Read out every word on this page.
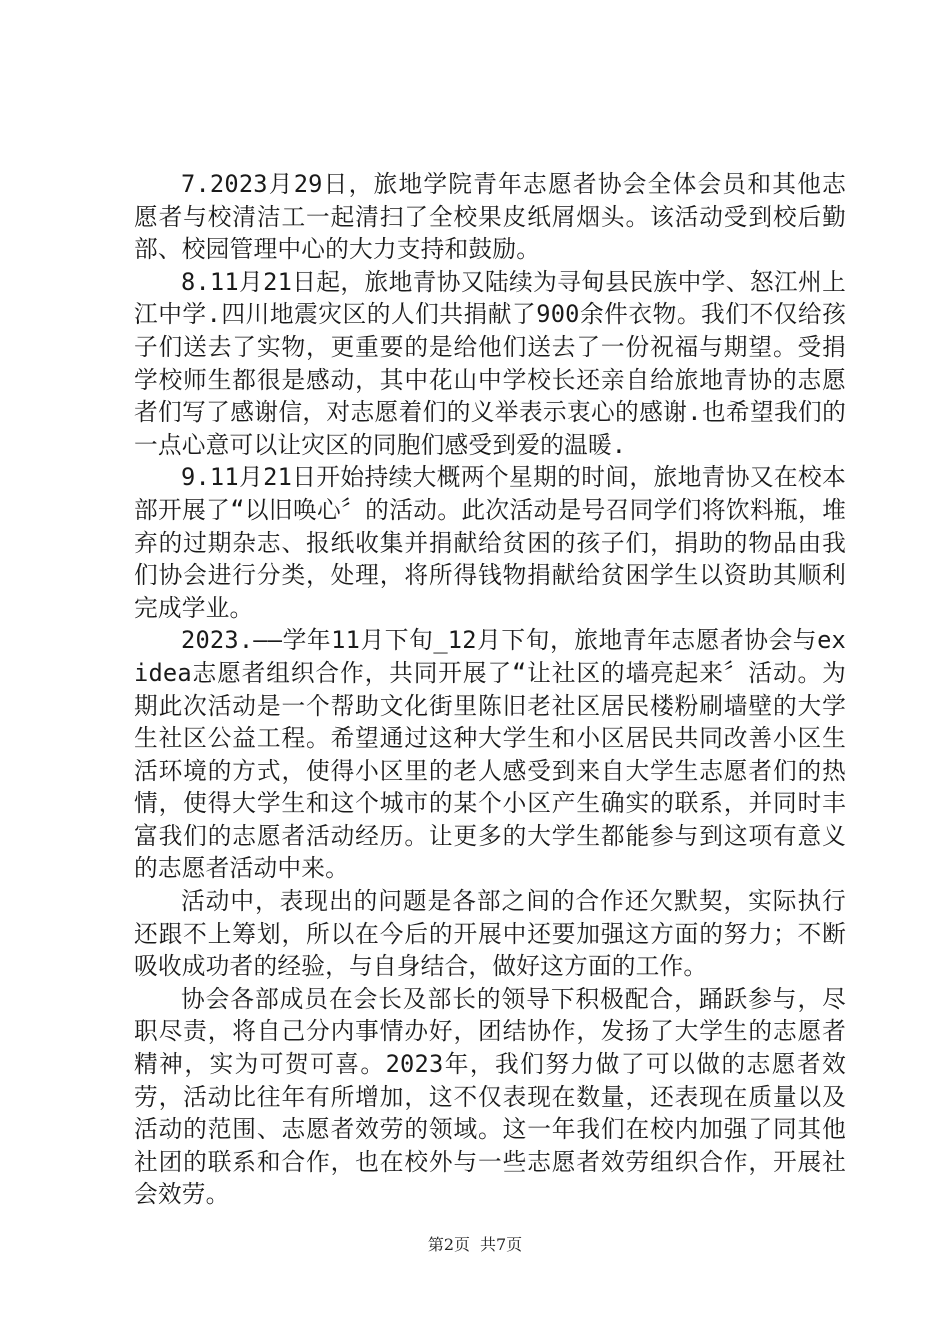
7.2023月29日，旅地学院青年志愿者协会全体会员和其他志愿者与校清洁工一起清扫了全校果皮纸屑烟头。该活动受到校后勤部、校园管理中心的大力支持和鼓励。

8.11月21日起，旅地青协又陆续为寻甸县民族中学、怒江州上江中学.四川地震灾区的人们共捐献了900余件衣物。我们不仅给孩子们送去了实物，更重要的是给他们送去了一份祝福与期望。受捐学校师生都很是感动，其中花山中学校长还亲自给旅地青协的志愿者们写了感谢信，对志愿着们的义举表示衷心的感谢.也希望我们的一点心意可以让灾区的同胞们感受到爱的温暖.

9.11月21日开始持续大概两个星期的时间，旅地青协又在校本部开展了“以旧唤心〞的活动。此次活动是号召同学们将饮料瓶，堆弃的过期杂志、报纸收集并捐献给贫困的孩子们，捐助的物品由我们协会进行分类，处理，将所得钱物捐献给贫困学生以资助其顺利完成学业。

2023.——学年11月下旬_12月下旬，旅地青年志愿者协会与exidea志愿者组织合作，共同开展了“让社区的墙亮起来〞活动。为期此次活动是一个帮助文化街里陈旧老社区居民楼粉刷墙壁的大学生社区公益工程。希望通过这种大学生和小区居民共同改善小区生活环境的方式，使得小区里的老人感受到来自大学生志愿者们的热情，使得大学生和这个城市的某个小区产生确实的联系，并同时丰富我们的志愿者活动经历。让更多的大学生都能参与到这项有意义的志愿者活动中来。

活动中，表现出的问题是各部之间的合作还欠默契，实际执行还跟不上筹划，所以在今后的开展中还要加强这方面的努力；不断吸收成功者的经验，与自身结合，做好这方面的工作。

协会各部成员在会长及部长的领导下积极配合，踊跃参与，尽职尽责，将自己分内事情办好，团结协作，发扬了大学生的志愿者精神，实为可贺可喜。2023年，我们努力做了可以做的志愿者效劳，活动比往年有所增加，这不仅表现在数量，还表现在质量以及活动的范围、志愿者效劳的领域。这一年我们在校内加强了同其他社团的联系和合作，也在校外与一些志愿者效劳组织合作，开展社会效劳。

第2页 共7页
